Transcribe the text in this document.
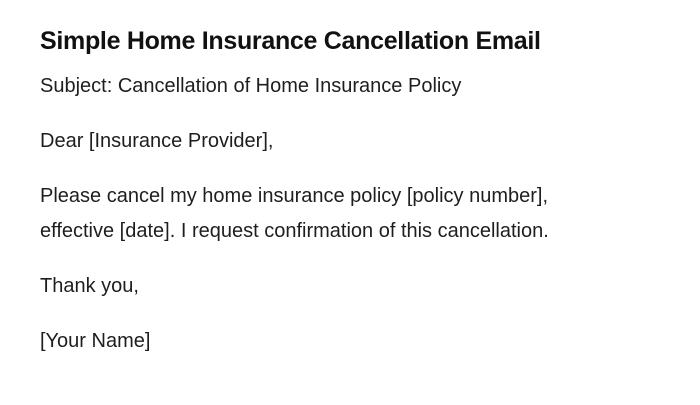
Simple Home Insurance Cancellation Email

Subject: Cancellation of Home Insurance Policy

Dear [Insurance Provider],

Please cancel my home insurance policy [policy number],

effective [date]. I request confirmation of this cancellation.

Thank you,

[Your Name]
